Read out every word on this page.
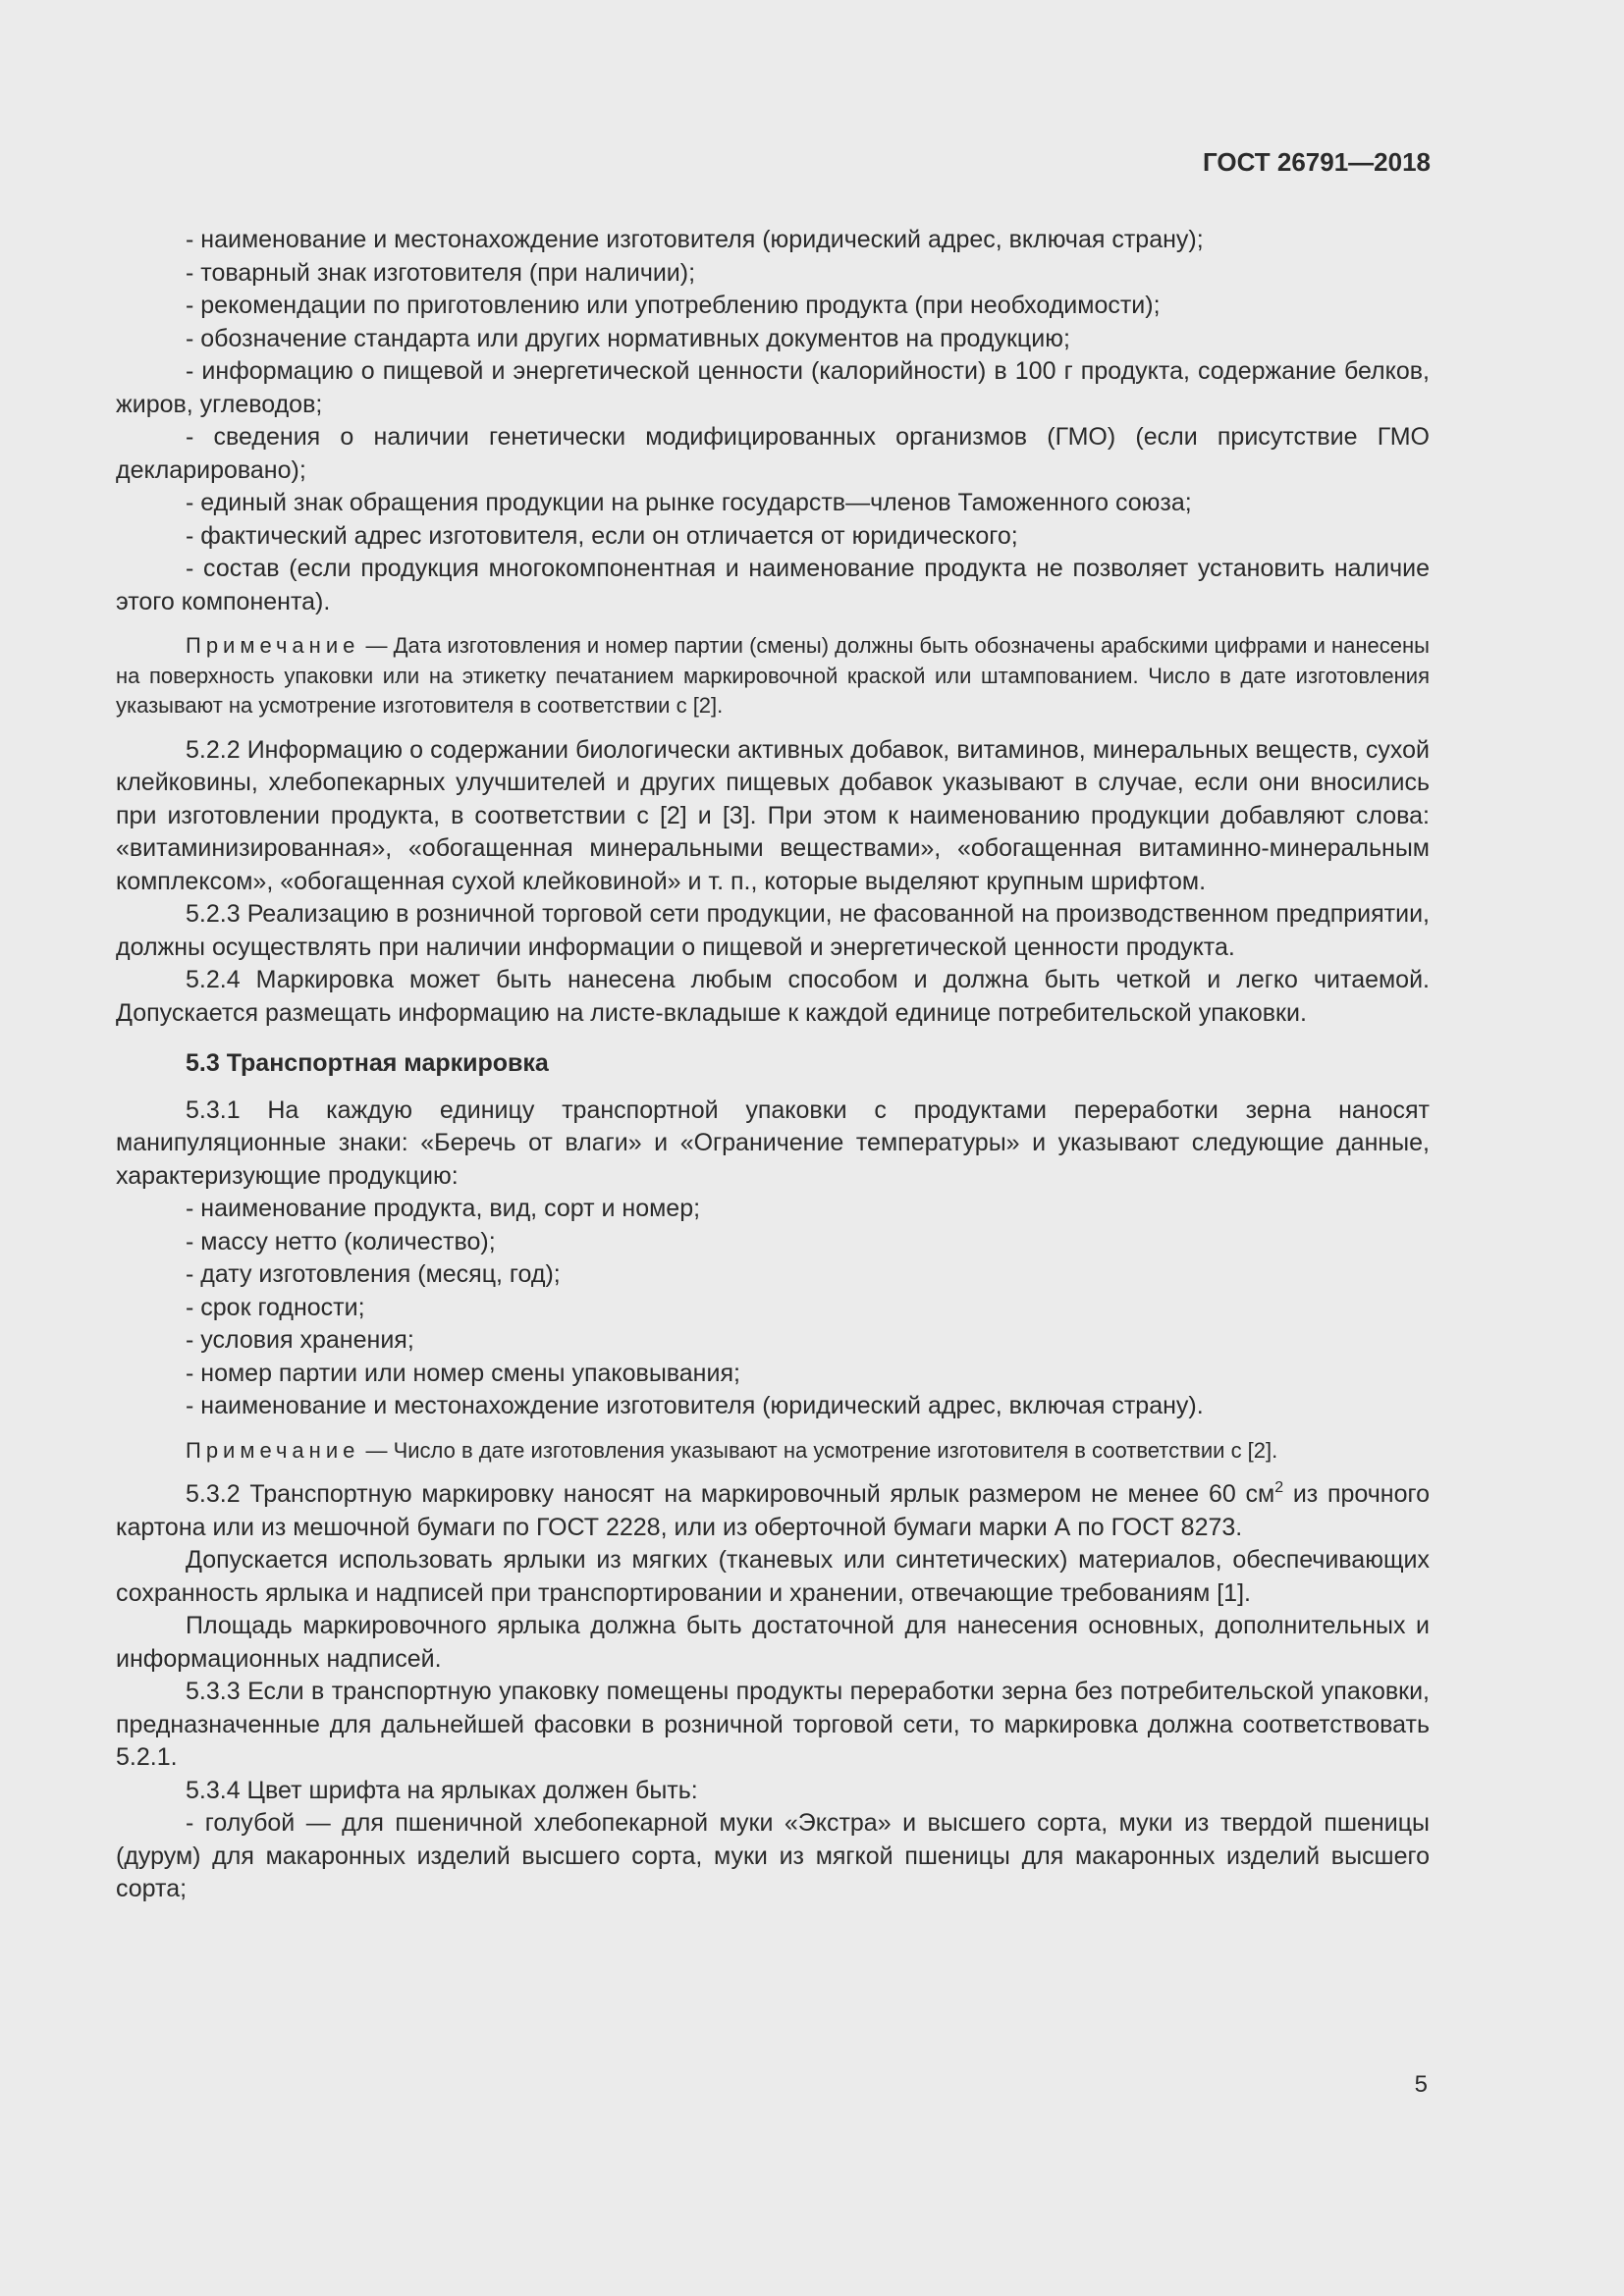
ГОСТ 26791—2018

- наименование и местонахождение изготовителя (юридический адрес, включая страну);

- товарный знак изготовителя (при наличии);

- рекомендации по приготовлению или употреблению продукта (при необходимости);

- обозначение стандарта или других нормативных документов на продукцию;

- информацию о пищевой и энергетической ценности (калорийности) в 100 г продукта, содержание белков, жиров, углеводов;

- сведения о наличии генетически модифицированных организмов (ГМО) (если присутствие ГМО декларировано);

- единый знак обращения продукции на рынке государств—членов Таможенного союза;

- фактический адрес изготовителя, если он отличается от юридического;

- состав (если продукция многокомпонентная и наименование продукта не позволяет установить наличие этого компонента).

Примечание — Дата изготовления и номер партии (смены) должны быть обозначены арабскими цифрами и нанесены на поверхность упаковки или на этикетку печатанием маркировочной краской или штампованием. Число в дате изготовления указывают на усмотрение изготовителя в соответствии с [2].

5.2.2 Информацию о содержании биологически активных добавок, витаминов, минеральных веществ, сухой клейковины, хлебопекарных улучшителей и других пищевых добавок указывают в случае, если они вносились при изготовлении продукта, в соответствии с [2] и [3]. При этом к наименованию продукции добавляют слова: «витаминизированная», «обогащенная минеральными веществами», «обогащенная витаминно-минеральным комплексом», «обогащенная сухой клейковиной» и т. п., которые выделяют крупным шрифтом.

5.2.3 Реализацию в розничной торговой сети продукции, не фасованной на производственном предприятии, должны осуществлять при наличии информации о пищевой и энергетической ценности продукта.

5.2.4 Маркировка может быть нанесена любым способом и должна быть четкой и легко читаемой. Допускается размещать информацию на листе-вкладыше к каждой единице потребительской упаковки.

5.3 Транспортная маркировка

5.3.1 На каждую единицу транспортной упаковки с продуктами переработки зерна наносят манипуляционные знаки: «Беречь от влаги» и «Ограничение температуры» и указывают следующие данные, характеризующие продукцию:

- наименование продукта, вид, сорт и номер;

- массу нетто (количество);

- дату изготовления (месяц, год);

- срок годности;

- условия хранения;

- номер партии или номер смены упаковывания;

- наименование и местонахождение изготовителя (юридический адрес, включая страну).

Примечание — Число в дате изготовления указывают на усмотрение изготовителя в соответствии с [2].

5.3.2 Транспортную маркировку наносят на маркировочный ярлык размером не менее 60 $см^2$ из прочного картона или из мешочной бумаги по ГОСТ 2228, или из оберточной бумаги марки А по ГОСТ 8273.

Допускается использовать ярлыки из мягких (тканевых или синтетических) материалов, обеспечивающих сохранность ярлыка и надписей при транспортировании и хранении, отвечающие требованиям [1].

Площадь маркировочного ярлыка должна быть достаточной для нанесения основных, дополнительных и информационных надписей.

5.3.3 Если в транспортную упаковку помещены продукты переработки зерна без потребительской упаковки, предназначенные для дальнейшей фасовки в розничной торговой сети, то маркировка должна соответствовать 5.2.1.

5.3.4 Цвет шрифта на ярлыках должен быть:

- голубой — для пшеничной хлебопекарной муки «Экстра» и высшего сорта, муки из твердой пшеницы (дурум) для макаронных изделий высшего сорта, муки из мягкой пшеницы для макаронных изделий высшего сорта;

5
